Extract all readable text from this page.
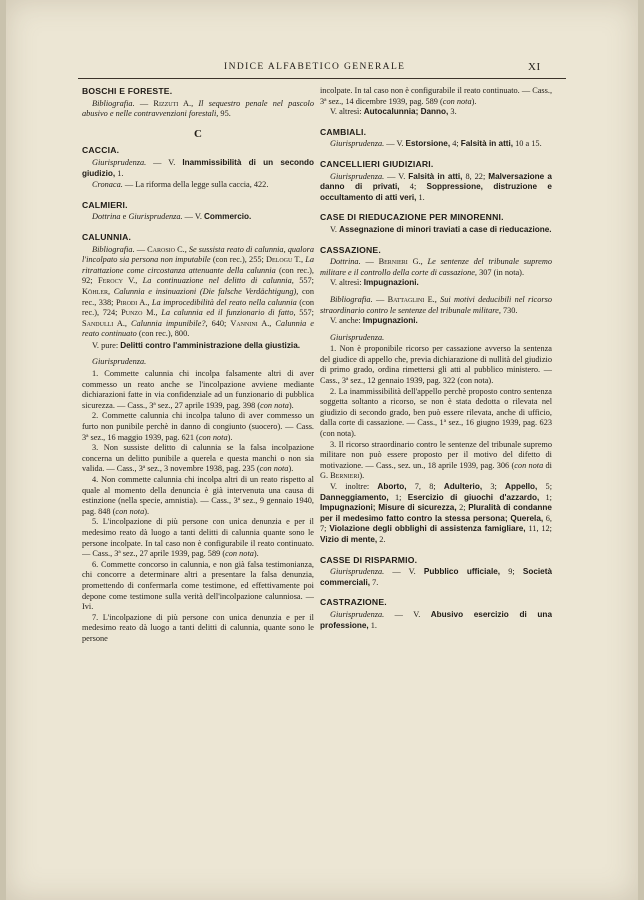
INDICE ALFABETICO GENERALE	XI
BOSCHI E FORESTE.

Bibliografia. — Rizzuti A., Il sequestro penale nel pascolo abusivo e nelle contravvenzioni forestali, 95.

C
CACCIA.

Giurisprudenza. — V. Inammissibilità di un secondo giudizio, 1.

Cronaca. — La riforma della legge sulla caccia, 422.

CALMIERI.

Dottrina e Giurisprudenza. — V. Commercio.

CALUNNIA.

Bibliografia. — Carosio C., Se sussista reato di calunnia, qualora l'incolpato sia persona non imputabile (con rec.), 255; Delogu T., La ritrattazione come circostanza attenuante della calunnia (con rec.), 92; Ferocy V., La continuazione nel delitto di calunnia, 557; Köhler, Calunnia e insinuazioni (Die falsche Verdächtigung), con rec., 338; Pirodi A., La improcedibilità del reato nella calunnia (con rec.), 724; Punzo M., La calunnia ed il funzionario di fatto, 557; Sandulli A., Calunnia impunibile?, 640; Vannini A., Calunnia e reato continuato (con rec.), 800.

V. pure: Delitti contro l'amministrazione della giustizia.

Giurisprudenza.

1. Commette calunnia chi incolpa falsamente altri di aver commesso un reato anche se l'incolpazione avviene mediante dichiarazioni fatte in via confidenziale ad un funzionario di pubblica sicurezza. — Cass., 3ª sez., 27 aprile 1939, pag. 398 (con nota).

2. Commette calunnia chi incolpa taluno di aver commesso un furto non punibile perchè in danno di congiunto (suocero). — Cass. 3ª sez., 16 maggio 1939, pag. 621 (con nota).

3. Non sussiste delitto di calunnia se la falsa incolpazione concerna un delitto punibile a querela e questa manchi o non sia valida. — Cass., 3ª sez., 3 novembre 1938, pag. 235 (con nota).

4. Non commette calunnia chi incolpa altri di un reato rispetto al quale al momento della denuncia è già intervenuta una causa di estinzione (nella specie, amnistia). — Cass., 3ª sez., 9 gennaio 1940, pag. 848 (con nota).

5. L'incolpazione di più persone con unica denunzia e per il medesimo reato dà luogo a tanti delitti di calunnia quante sono le persone incolpate. In tal caso non è configurabile il reato continuato. — Cass., 3ª sez., 27 aprile 1939, pag. 589 (con nota).

6. Commette concorso in calunnia, e non già falsa testimonianza, chi concorre a determinare altri a presentare la falsa denunzia, promettendo di confermarla come testimone, ed effettivamente poi depone come testimone sulla verità dell'incolpazione calunniosa. — Ivi.

7. L'incolpazione di più persone con unica denunzia e per il medesimo reato dà luogo a tanti delitti di calunnia, quante sono le persone

incolpate. In tal caso non è configurabile il reato continuato. — Cass., 3ª sez., 14 dicembre 1939, pag. 589 (con nota).

V. altresì: Autocalunnia; Danno, 3.

CAMBIALI.

Giurisprudenza. — V. Estorsione, 4; Falsità in atti, 10 a 15.

CANCELLIERI GIUDIZIARI.

Giurisprudenza. — V. Falsità in atti, 8, 22; Malversazione a danno di privati, 4; Soppressione, distruzione e occultamento di atti veri, 1.

CASE DI RIEDUCAZIONE PER MINORENNI.

V. Assegnazione di minori traviati a case di rieducazione.

CASSAZIONE.

Dottrina. — Bernieri G., Le sentenze del tribunale supremo militare e il controllo della corte di cassazione, 307 (in nota).

V. altresì: Impugnazioni.

Bibliografia. — Battaglini E., Sui motivi deducibili nel ricorso straordinario contro le sentenze del tribunale militare, 730.

V. anche: Impugnazioni.

Giurisprudenza.

1. Non è proponibile ricorso per cassazione avverso la sentenza del giudice di appello che, previa dichiarazione di nullità del giudizio di primo grado, ordina rimettersi gli atti al pubblico ministero. — Cass., 3ª sez., 12 gennaio 1939, pag. 322 (con nota).

2. La inammissibilità dell'appello perchè proposto contro sentenza soggetta soltanto a ricorso, se non è stata dedotta o rilevata nel giudizio di secondo grado, ben può essere rilevata, anche di ufficio, dalla corte di cassazione. — Cass., 1ª sez., 16 giugno 1939, pag. 623 (con nota).

3. Il ricorso straordinario contro le sentenze del tribunale supremo militare non può essere proposto per il motivo del difetto di motivazione. — Cass., sez. un., 18 aprile 1939, pag. 306 (con nota di G. Bernieri).

V. inoltre: Aborto, 7, 8; Adulterio, 3; Appello, 5; Danneggiamento, 1; Esercizio di giuochi d'azzardo, 1; Impugnazioni; Misure di sicurezza, 2; Pluralità di condanne per il medesimo fatto contro la stessa persona; Querela, 6, 7; Violazione degli obblighi di assistenza famigliare, 11, 12; Vizio di mente, 2.

CASSE DI RISPARMIO.

Giurisprudenza. — V. Pubblico ufficiale, 9; Società commerciali, 7.

CASTRAZIONE.

Giurisprudenza. — V. Abusivo esercizio di una professione, 1.
